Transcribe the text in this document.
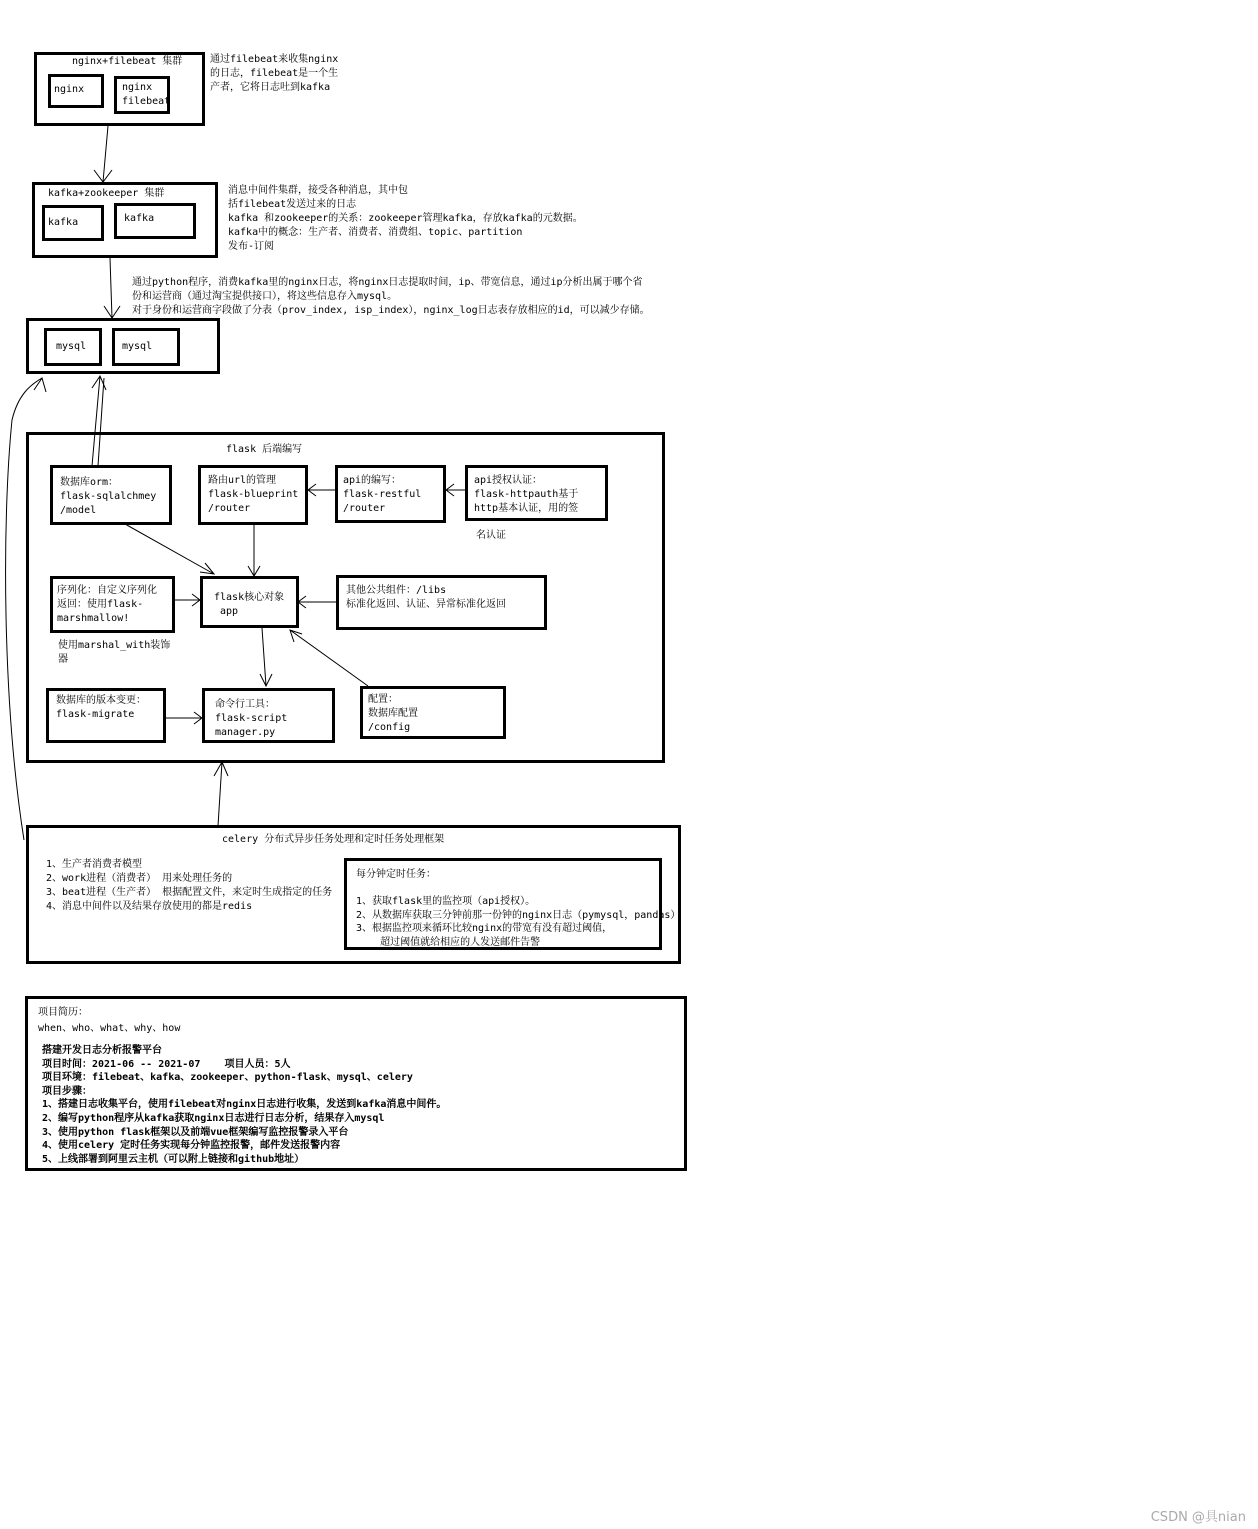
nginx+filebeat 集群
nginx	nginx
filebeat
通过filebeat来收集nginx
的日志，filebeat是一个生
产者，它将日志吐到kafka
kafka+zookeeper 集群
kafka	kafka
消息中间件集群，接受各种消息，其中包
括filebeat发送过来的日志
kafka 和zookeeper的关系：zookeeper管理kafka，存放kafka的元数据。
kafka中的概念：生产者、消费者、消费组、topic、partition
发布-订阅
通过python程序，消费kafka里的nginx日志，将nginx日志提取时间，ip、带宽信息，通过ip分析出属于哪个省
份和运营商（通过淘宝提供接口），将这些信息存入mysql。
对于身份和运营商字段做了分表（prov_index, isp_index），nginx_log日志表存放相应的id，可以减少存储。
mysql	mysql
flask 后端编写
数据库orm：
flask-sqlalchmey
/model
路由url的管理
flask-blueprint
/router
api的编写：
flask-restful
/router
api授权认证：
flask-httpauth基于
http基本认证，用的签
名认证
序列化：自定义序列化
返回：使用flask-
marshmallow!
使用marshal_with装饰
器
flask核心对象
app
其他公共组件：/libs
标准化返回、认证、异常标准化返回
数据库的版本变更：
flask-migrate
命令行工具：
flask-script
manager.py
配置：
数据库配置
/config
celery 分布式异步任务处理和定时任务处理框架
1、生产者消费者模型
2、work进程（消费者） 用来处理任务的
3、beat进程（生产者） 根据配置文件，来定时生成指定的任务
4、消息中间件以及结果存放使用的都是redis
每分钟定时任务：

1、获取flask里的监控项（api授权）。
2、从数据库获取三分钟前那一份钟的nginx日志（pymysql，pandas）
3、根据监控项来循环比较nginx的带宽有没有超过阈值，
超过阈值就给相应的人发送邮件告警
项目简历：
when、who、what、why、how
搭建开发日志分析报警平台
项目时间：2021-06 -- 2021-07    项目人员：5人
项目环境：filebeat、kafka、zookeeper、python-flask、mysql、celery
项目步骤：
1、搭建日志收集平台，使用filebeat对nginx日志进行收集，发送到kafka消息中间件。
2、编写python程序从kafka获取nginx日志进行日志分析，结果存入mysql
3、使用python flask框架以及前端vue框架编写监控报警录入平台
4、使用celery 定时任务实现每分钟监控报警，邮件发送报警内容
5、上线部署到阿里云主机（可以附上链接和github地址）
CSDN @具nian
